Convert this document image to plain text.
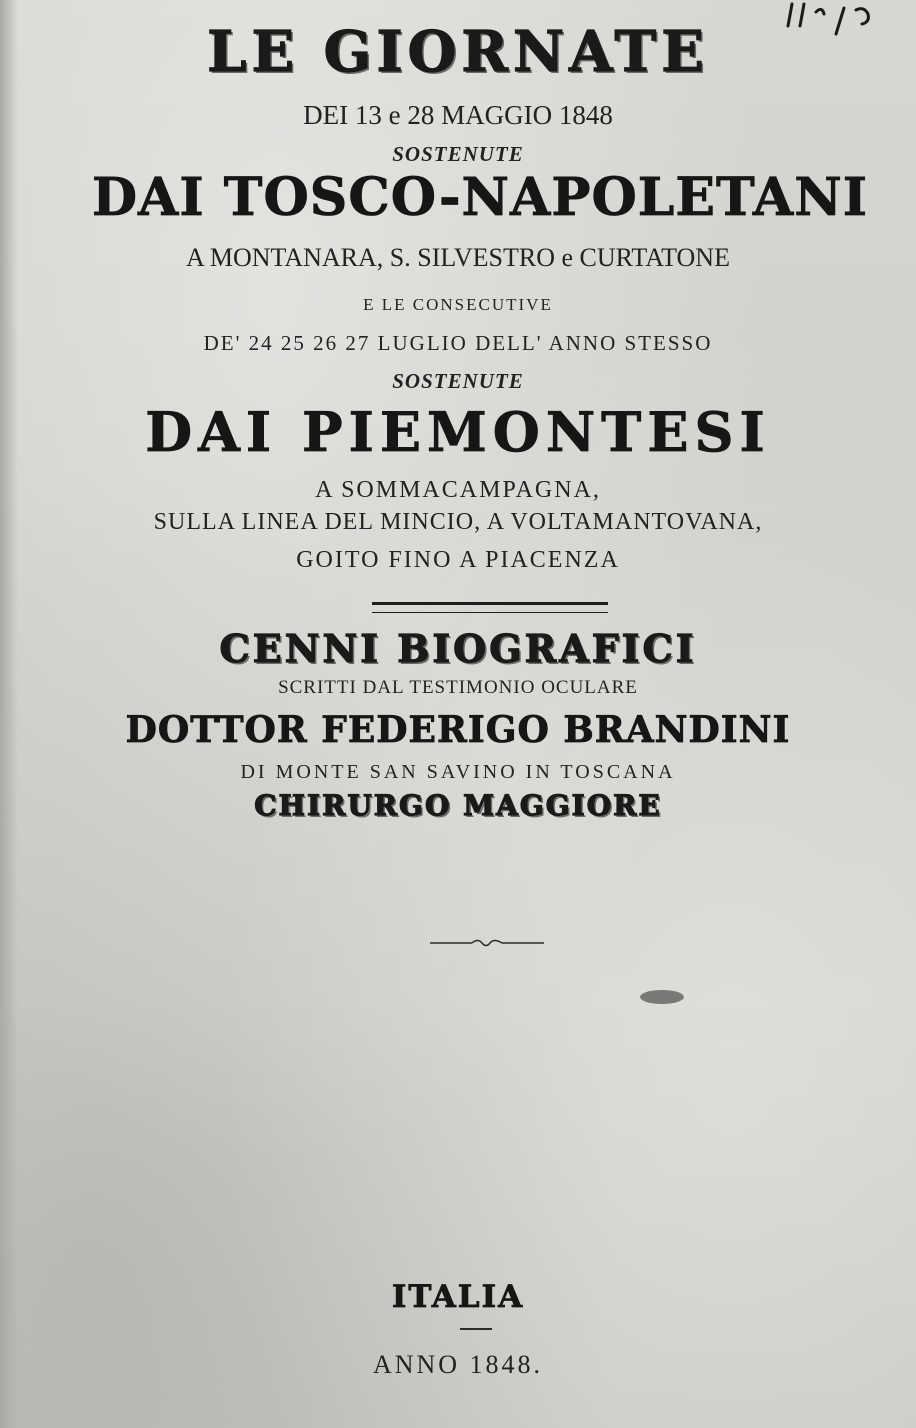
LE GIORNATE
DEI 13 e 28 MAGGIO 1848
SOSTENUTE
DAI TOSCO-NAPOLETANI
A MONTANARA, S. SILVESTRO e CURTATONE
E LE CONSECUTIVE
DE' 24 25 26 27 LUGLIO DELL' ANNO STESSO
SOSTENUTE
DAI PIEMONTESI
A SOMMACAMPAGNA,
SULLA LINEA DEL MINCIO, A VOLTAMANTOVANA,
GOITO FINO A PIACENZA
CENNI BIOGRAFICI
SCRITTI DAL TESTIMONIO OCULARE
DOTTOR FEDERIGO BRANDINI
DI MONTE SAN SAVINO IN TOSCANA
CHIRURGO MAGGIORE
ITALIA
ANNO 1848.
